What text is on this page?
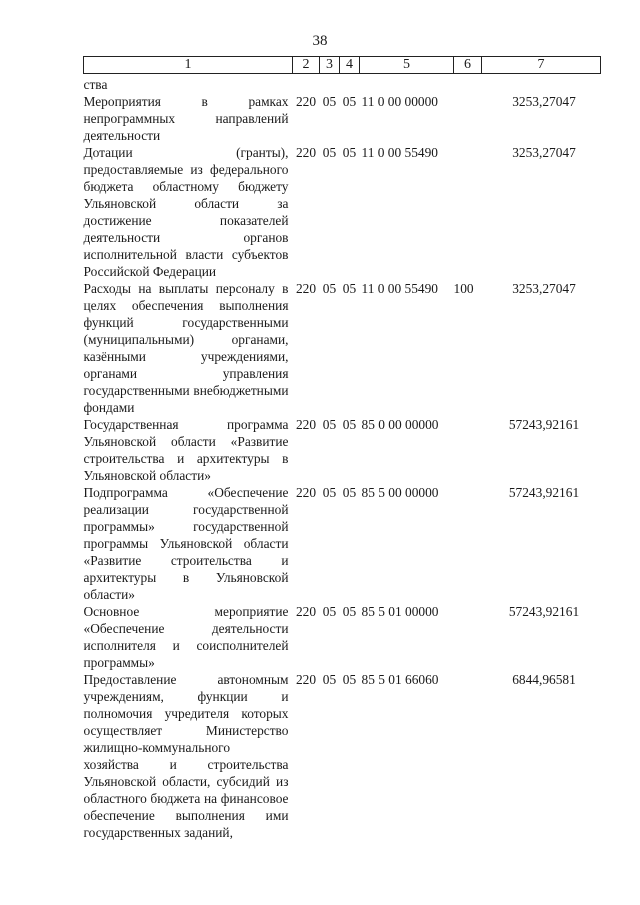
38
1	2	3	4	5	6	7
ства						
Мероприятия в рамках непрограммных направлений деятельности	220	05	05	11 0 00 00000		3253,27047
Дотации (гранты), предоставляемые из федерального бюджета областному бюджету Ульяновской области за достижение показателей деятельности органов исполнительной власти субъектов Российской Федерации	220	05	05	11 0 00 55490		3253,27047
Расходы на выплаты персоналу в целях обеспечения выполнения функций государственными (муниципальными) органами, казёнными учреждениями, органами управления государственными внебюджетными фондами	220	05	05	11 0 00 55490	100	3253,27047
Государственная программа Ульяновской области «Развитие строительства и архитектуры в Ульяновской области»	220	05	05	85 0 00 00000		57243,92161
Подпрограмма «Обеспечение реализации государственной программы» государственной программы Ульяновской области «Развитие строительства и архитектуры в Ульяновской области»	220	05	05	85 5 00 00000		57243,92161
Основное мероприятие «Обеспечение деятельности исполнителя и соисполнителей программы»	220	05	05	85 5 01 00000		57243,92161
Предоставление автономным учреждениям, функции и полномочия учредителя которых осуществляет Министерство жилищно-коммунального хозяйства и строительства Ульяновской области, субсидий из областного бюджета на финансовое обеспечение выполнения ими государственных заданий,	220	05	05	85 5 01 66060		6844,96581
